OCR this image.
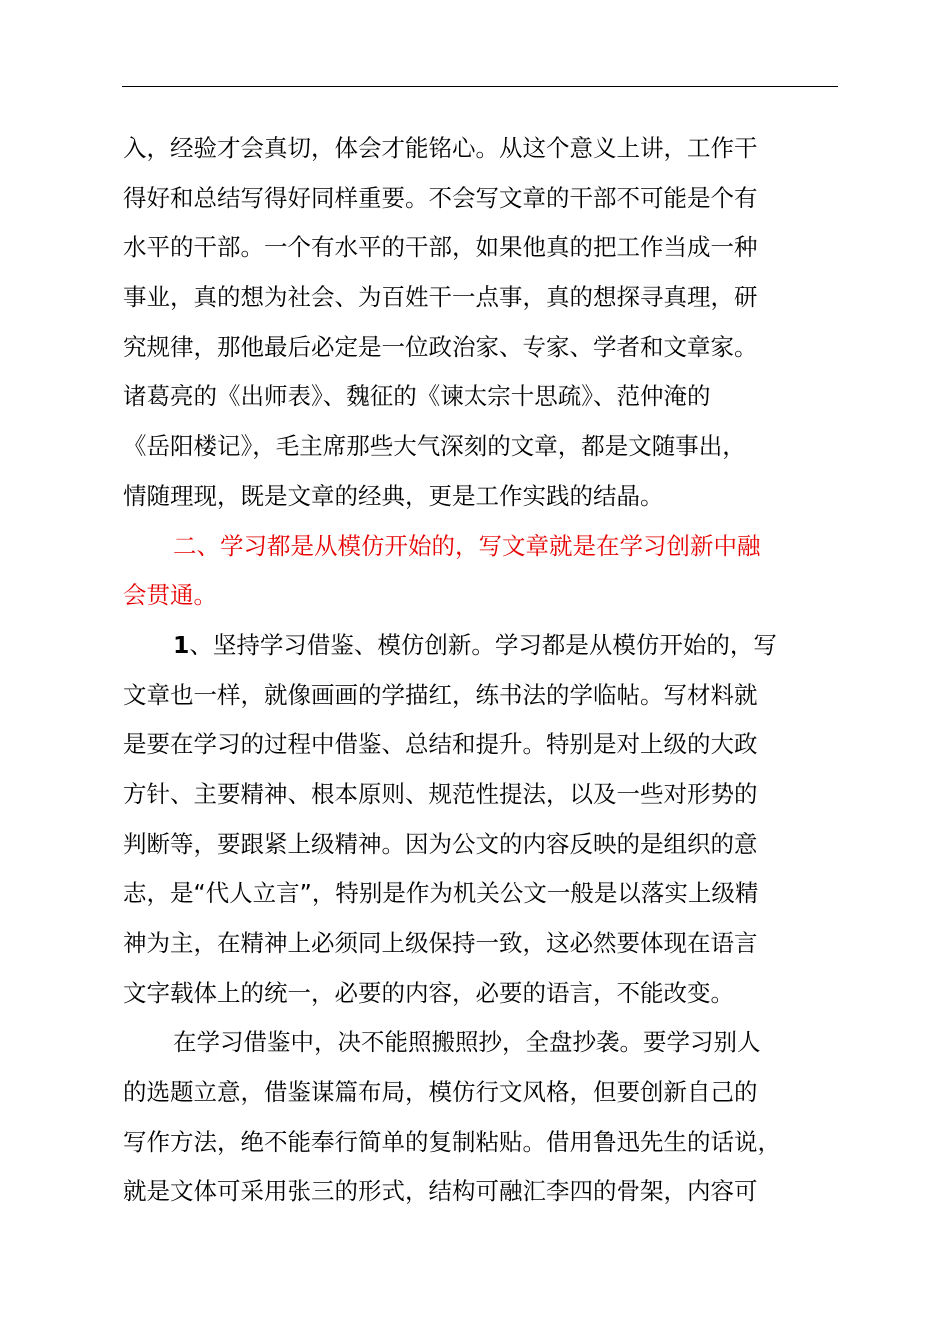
入，经验才会真切，体会才能铭心。从这个意义上讲，工作干
得好和总结写得好同样重要。不会写文章的干部不可能是个有
水平的干部。一个有水平的干部，如果他真的把工作当成一种
事业，真的想为社会、为百姓干一点事，真的想探寻真理，研
究规律，那他最后必定是一位政治家、专家、学者和文章家。
诸葛亮的《出师表》、魏征的《谏太宗十思疏》、范仲淹的
《岳阳楼记》，毛主席那些大气深刻的文章，都是文随事出，
情随理现，既是文章的经典，更是工作实践的结晶。
二、学习都是从模仿开始的，写文章就是在学习创新中融
会贯通。
1、坚持学习借鉴、模仿创新。学习都是从模仿开始的，写
文章也一样，就像画画的学描红，练书法的学临帖。写材料就
是要在学习的过程中借鉴、总结和提升。特别是对上级的大政
方针、主要精神、根本原则、规范性提法，以及一些对形势的
判断等，要跟紧上级精神。因为公文的内容反映的是组织的意
志，是“代人立言”，特别是作为机关公文一般是以落实上级精
神为主，在精神上必须同上级保持一致，这必然要体现在语言
文字载体上的统一，必要的内容，必要的语言，不能改变。
在学习借鉴中，决不能照搬照抄，全盘抄袭。要学习别人
的选题立意，借鉴谋篇布局，模仿行文风格，但要创新自己的
写作方法，绝不能奉行简单的复制粘贴。借用鲁迅先生的话说，
就是文体可采用张三的形式，结构可融汇李四的骨架，内容可
